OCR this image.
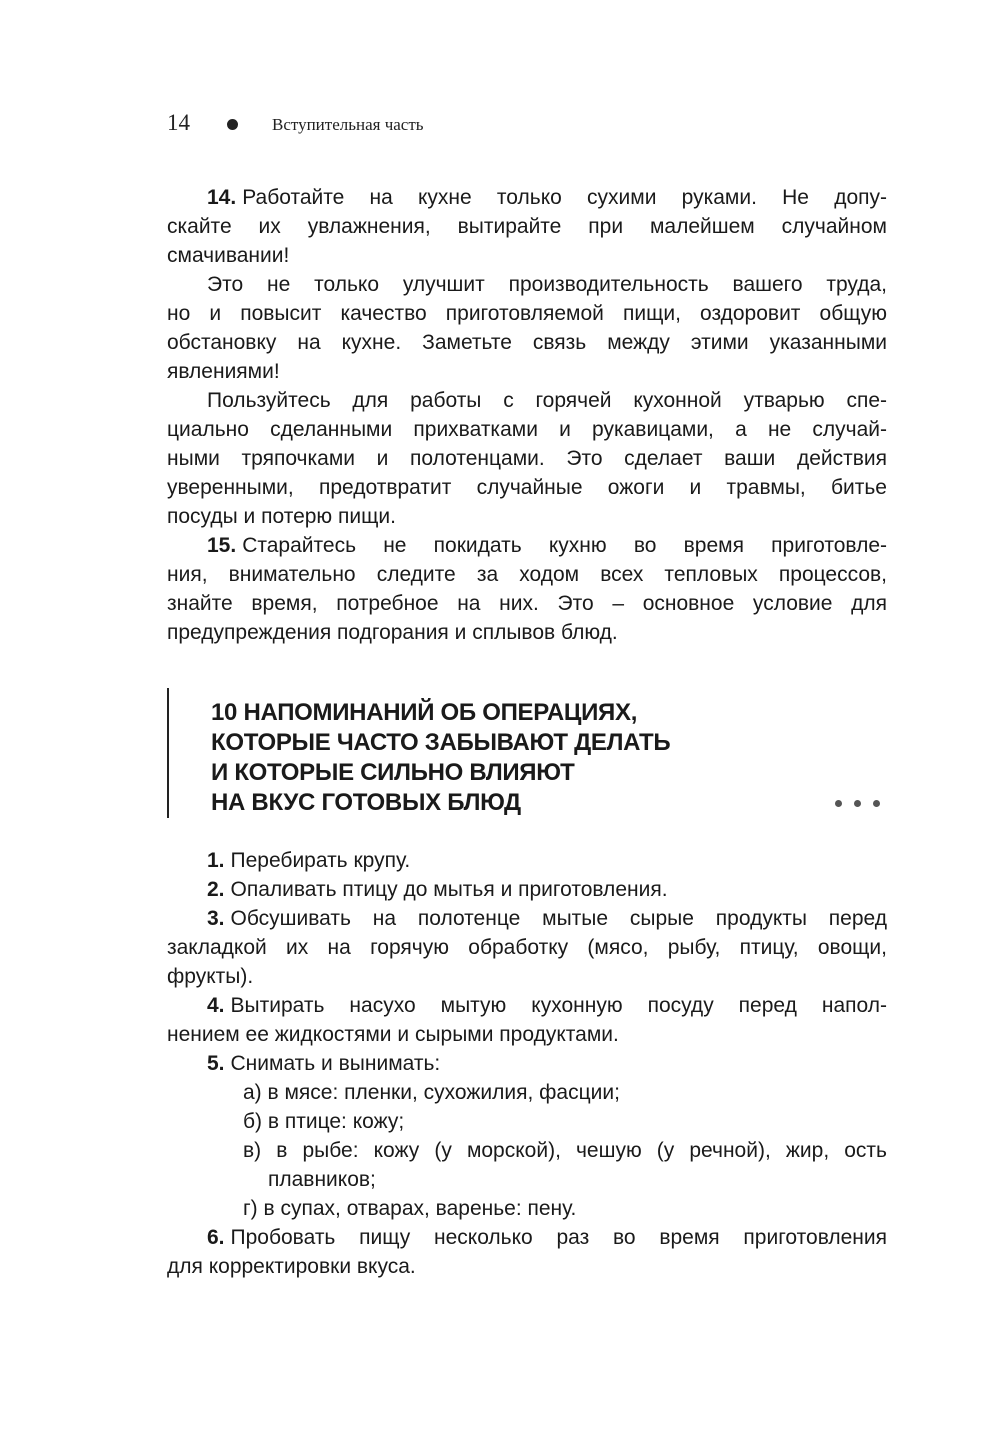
14	Вступительная часть
14. Работайте на кухне только сухими руками. Не допу-
скайте их увлажнения, вытирайте при малейшем случайном
смачивании!
Это не только улучшит производительность вашего труда,
но и повысит качество приготовляемой пищи, оздоровит общую
обстановку на кухне. Заметьте связь между этими указанными
явлениями!
Пользуйтесь для работы с горячей кухонной утварью спе-
циально сделанными прихватками и рукавицами, а не случай-
ными тряпочками и полотенцами. Это сделает ваши действия
уверенными, предотвратит случайные ожоги и травмы, битье
посуды и потерю пищи.
15. Старайтесь не покидать кухню во время приготовле-
ния, внимательно следите за ходом всех тепловых процессов,
знайте время, потребное на них. Это – основное условие для
предупреждения подгорания и сплывов блюд.
10 НАПОМИНАНИЙ ОБ ОПЕРАЦИЯХ,
КОТОРЫЕ ЧАСТО ЗАБЫВАЮТ ДЕЛАТЬ
И КОТОРЫЕ СИЛЬНО ВЛИЯЮТ
НА ВКУС ГОТОВЫХ БЛЮД
1. Перебирать крупу.
2. Опаливать птицу до мытья и приготовления.
3. Обсушивать на полотенце мытые сырые продукты перед
закладкой их на горячую обработку (мясо, рыбу, птицу, овощи,
фрукты).
4. Вытирать насухо мытую кухонную посуду перед напол-
нением ее жидкостями и сырыми продуктами.
5. Снимать и вынимать:
а) в мясе: пленки, сухожилия, фасции;
б) в птице: кожу;
в) в рыбе: кожу (у морской), чешую (у речной), жир, ость
плавников;
г) в супах, отварах, варенье: пену.
6. Пробовать пищу несколько раз во время приготовления
для корректировки вкуса.
